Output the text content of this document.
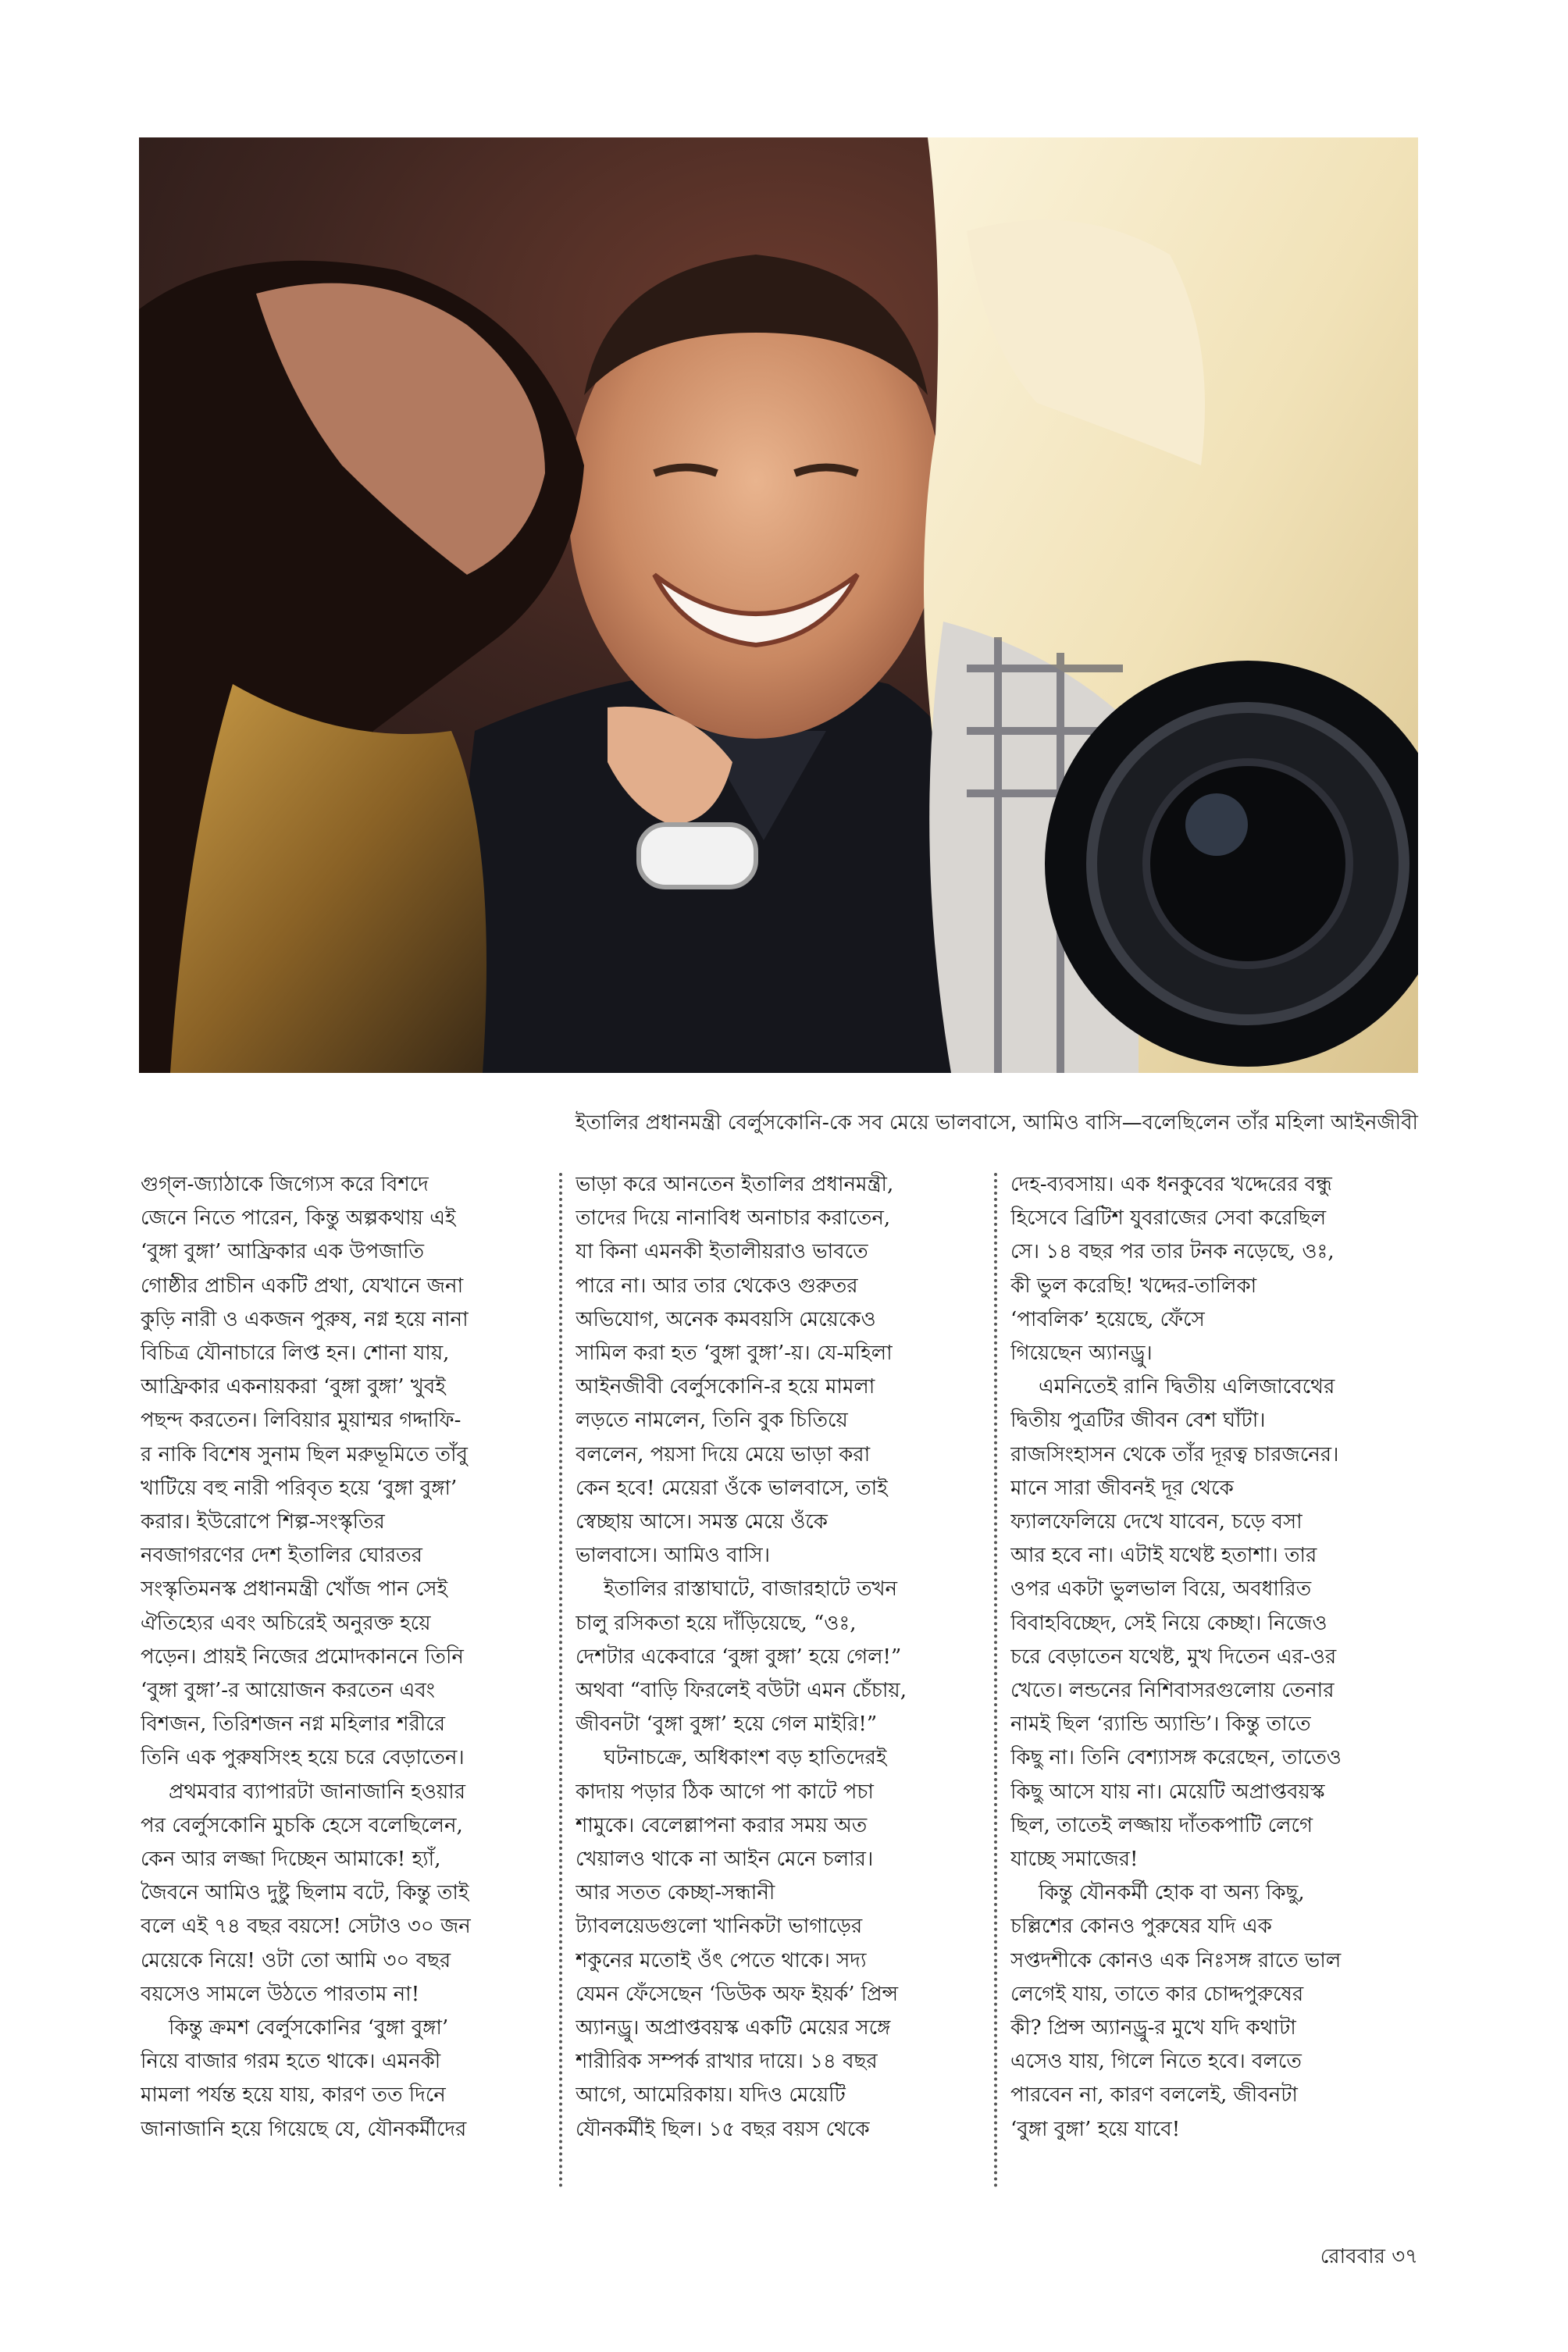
ইতালির প্রধানমন্ত্রী বের্লুসকোনি-কে সব মেয়ে ভালবাসে, আমিও বাসি—বলেছিলেন তাঁর মহিলা আইনজীবী

গুগ্‌ল-জ্যাঠাকে জিগ্যেস করে বিশদে
জেনে নিতে পারেন, কিন্তু অল্পকথায় এই
‘বুঙ্গা বুঙ্গা’ আফ্রিকার এক উপজাতি
গোষ্ঠীর প্রাচীন একটি প্রথা, যেখানে জনা
কুড়ি নারী ও একজন পুরুষ, নগ্ন হয়ে নানা
বিচিত্র যৌনাচারে লিপ্ত হন। শোনা যায়,
আফ্রিকার একনায়করা ‘বুঙ্গা বুঙ্গা’ খুবই
পছন্দ করতেন। লিবিয়ার মুয়াম্মর গদ্দাফি-
র নাকি বিশেষ সুনাম ছিল মরুভূমিতে তাঁবু
খাটিয়ে বহু নারী পরিবৃত হয়ে ‘বুঙ্গা বুঙ্গা’
করার। ইউরোপে শিল্প-সংস্কৃতির
নবজাগরণের দেশ ইতালির ঘোরতর
সংস্কৃতিমনস্ক প্রধানমন্ত্রী খোঁজ পান সেই
ঐতিহ্যের এবং অচিরেই অনুরক্ত হয়ে
পড়েন। প্রায়ই নিজের প্রমোদকাননে তিনি
‘বুঙ্গা বুঙ্গা’-র আয়োজন করতেন এবং
বিশজন, তিরিশজন নগ্ন মহিলার শরীরে
তিনি এক পুরুষসিংহ হয়ে চরে বেড়াতেন।

প্রথমবার ব্যাপারটা জানাজানি হওয়ার
পর বের্লুসকোনি মুচকি হেসে বলেছিলেন,
কেন আর লজ্জা দিচ্ছেন আমাকে! হ্যাঁ,
জৈবনে আমিও দুষ্টু ছিলাম বটে, কিন্তু তাই
বলে এই ৭৪ বছর বয়সে! সেটাও ৩০ জন
মেয়েকে নিয়ে! ওটা তো আমি ৩০ বছর
বয়সেও সামলে উঠতে পারতাম না!

কিন্তু ক্রমশ বের্লুসকোনির ‘বুঙ্গা বুঙ্গা’
নিয়ে বাজার গরম হতে থাকে। এমনকী
মামলা পর্যন্ত হয়ে যায়, কারণ তত দিনে
জানাজানি হয়ে গিয়েছে যে, যৌনকর্মীদের

ভাড়া করে আনতেন ইতালির প্রধানমন্ত্রী,
তাদের দিয়ে নানাবিধ অনাচার করাতেন,
যা কিনা এমনকী ইতালীয়রাও ভাবতে
পারে না। আর তার থেকেও গুরুতর
অভিযোগ, অনেক কমবয়সি মেয়েকেও
সামিল করা হত ‘বুঙ্গা বুঙ্গা’-য়। যে-মহিলা
আইনজীবী বের্লুসকোনি-র হয়ে মামলা
লড়তে নামলেন, তিনি বুক চিতিয়ে
বললেন, পয়সা দিয়ে মেয়ে ভাড়া করা
কেন হবে! মেয়েরা ওঁকে ভালবাসে, তাই
স্বেচ্ছায় আসে। সমস্ত মেয়ে ওঁকে
ভালবাসে। আমিও বাসি।

ইতালির রাস্তাঘাটে, বাজারহাটে তখন
চালু রসিকতা হয়ে দাঁড়িয়েছে, “ওঃ,
দেশটার একেবারে ‘বুঙ্গা বুঙ্গা’ হয়ে গেল!”
অথবা “বাড়ি ফিরলেই বউটা এমন চেঁচায়,
জীবনটা ‘বুঙ্গা বুঙ্গা’ হয়ে গেল মাইরি!”

ঘটনাচক্রে, অধিকাংশ বড় হাতিদেরই
কাদায় পড়ার ঠিক আগে পা কাটে পচা
শামুকে। বেলেল্লাপনা করার সময় অত
খেয়ালও থাকে না আইন মেনে চলার।
আর সতত কেচ্ছা-সন্ধানী
ট্যাবলয়েডগুলো খানিকটা ভাগাড়ের
শকুনের মতোই ওঁৎ পেতে থাকে। সদ্য
যেমন ফেঁসেছেন ‘ডিউক অফ ইয়র্ক’ প্রিন্স
অ্যানড্রু। অপ্রাপ্তবয়স্ক একটি মেয়ের সঙ্গে
শারীরিক সম্পর্ক রাখার দায়ে। ১৪ বছর
আগে, আমেরিকায়। যদিও মেয়েটি
যৌনকর্মীই ছিল। ১৫ বছর বয়স থেকে

দেহ-ব্যবসায়। এক ধনকুবের খদ্দেরের বন্ধু
হিসেবে ব্রিটিশ যুবরাজের সেবা করেছিল
সে। ১৪ বছর পর তার টনক নড়েছে, ওঃ,
কী ভুল করেছি! খদ্দের-তালিকা
‘পাবলিক’ হয়েছে, ফেঁসে
গিয়েছেন অ্যানড্রু।

এমনিতেই রানি দ্বিতীয় এলিজাবেথের
দ্বিতীয় পুত্রটির জীবন বেশ ঘাঁটা।
রাজসিংহাসন থেকে তাঁর দূরত্ব চারজনের।
মানে সারা জীবনই দূর থেকে
ফ্যালফেলিয়ে দেখে যাবেন, চড়ে বসা
আর হবে না। এটাই যথেষ্ট হতাশা। তার
ওপর একটা ভুলভাল বিয়ে, অবধারিত
বিবাহবিচ্ছেদ, সেই নিয়ে কেচ্ছা। নিজেও
চরে বেড়াতেন যথেষ্ট, মুখ দিতেন এর-ওর
খেতে। লন্ডনের নিশিবাসরগুলোয় তেনার
নামই ছিল ‘র‍্যান্ডি অ্যান্ডি’। কিন্তু তাতে
কিছু না। তিনি বেশ্যাসঙ্গ করেছেন, তাতেও
কিছু আসে যায় না। মেয়েটি অপ্রাপ্তবয়স্ক
ছিল, তাতেই লজ্জায় দাঁতকপাটি লেগে
যাচ্ছে সমাজের!

কিন্তু যৌনকর্মী হোক বা অন্য কিছু,
চল্লিশের কোনও পুরুষের যদি এক
সপ্তদশীকে কোনও এক নিঃসঙ্গ রাতে ভাল
লেগেই যায়, তাতে কার চোদ্দপুরুষের
কী? প্রিন্স অ্যানড্রু-র মুখে যদি কথাটা
এসেও যায়, গিলে নিতে হবে। বলতে
পারবেন না, কারণ বললেই, জীবনটা
‘বুঙ্গা বুঙ্গা’ হয়ে যাবে!

রোববার ৩৭
